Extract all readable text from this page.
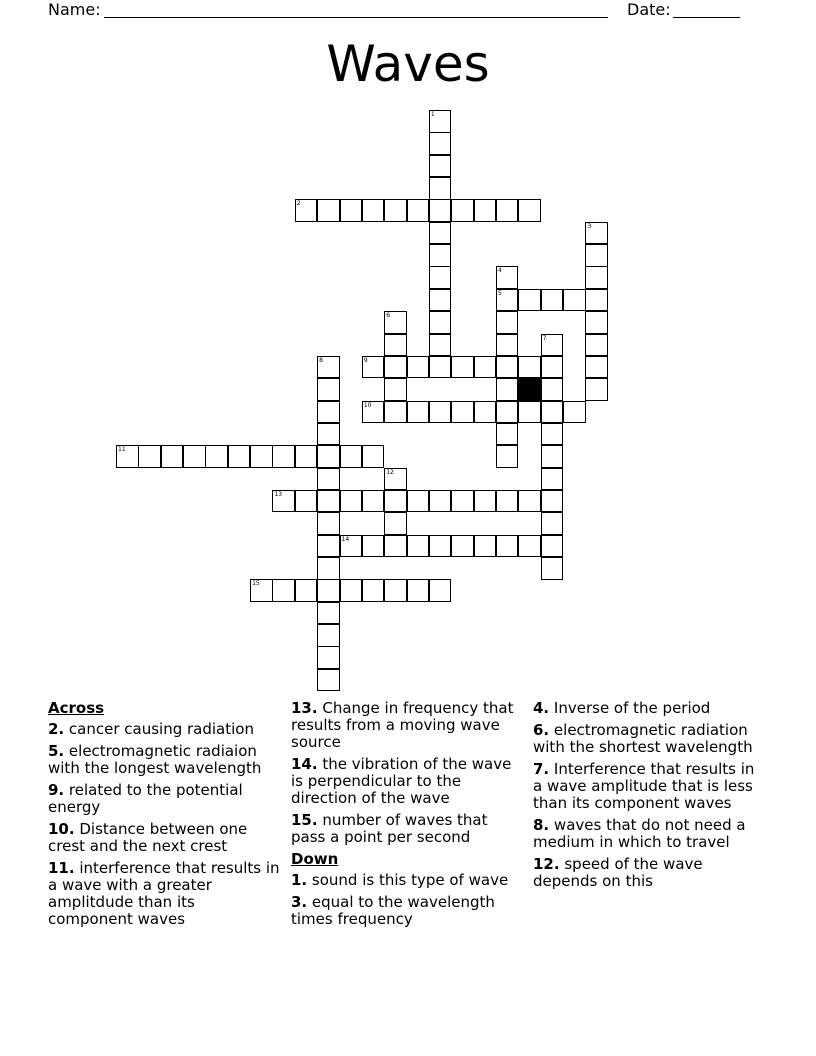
Name:	Date:
Waves
1
2
3
4
5
6
7
8	9
10
11
12
13
14
15
Across
2. cancer causing radiation
5. electromagnetic radiaion with the longest wavelength
9. related to the potential energy
10. Distance between one crest and the next crest
11. interference that results in a wave with a greater amplitdude than its component waves
13. Change in frequency that results from a moving wave source
14. the vibration of the wave is perpendicular to the direction of the wave
15. number of waves that pass a point per second
Down
1. sound is this type of wave
3. equal to the wavelength times frequency
4. Inverse of the period
6. electromagnetic radiation with the shortest wavelength
7. Interference that results in a wave amplitude that is less than its component waves
8. waves that do not need a medium in which to travel
12. speed of the wave depends on this
